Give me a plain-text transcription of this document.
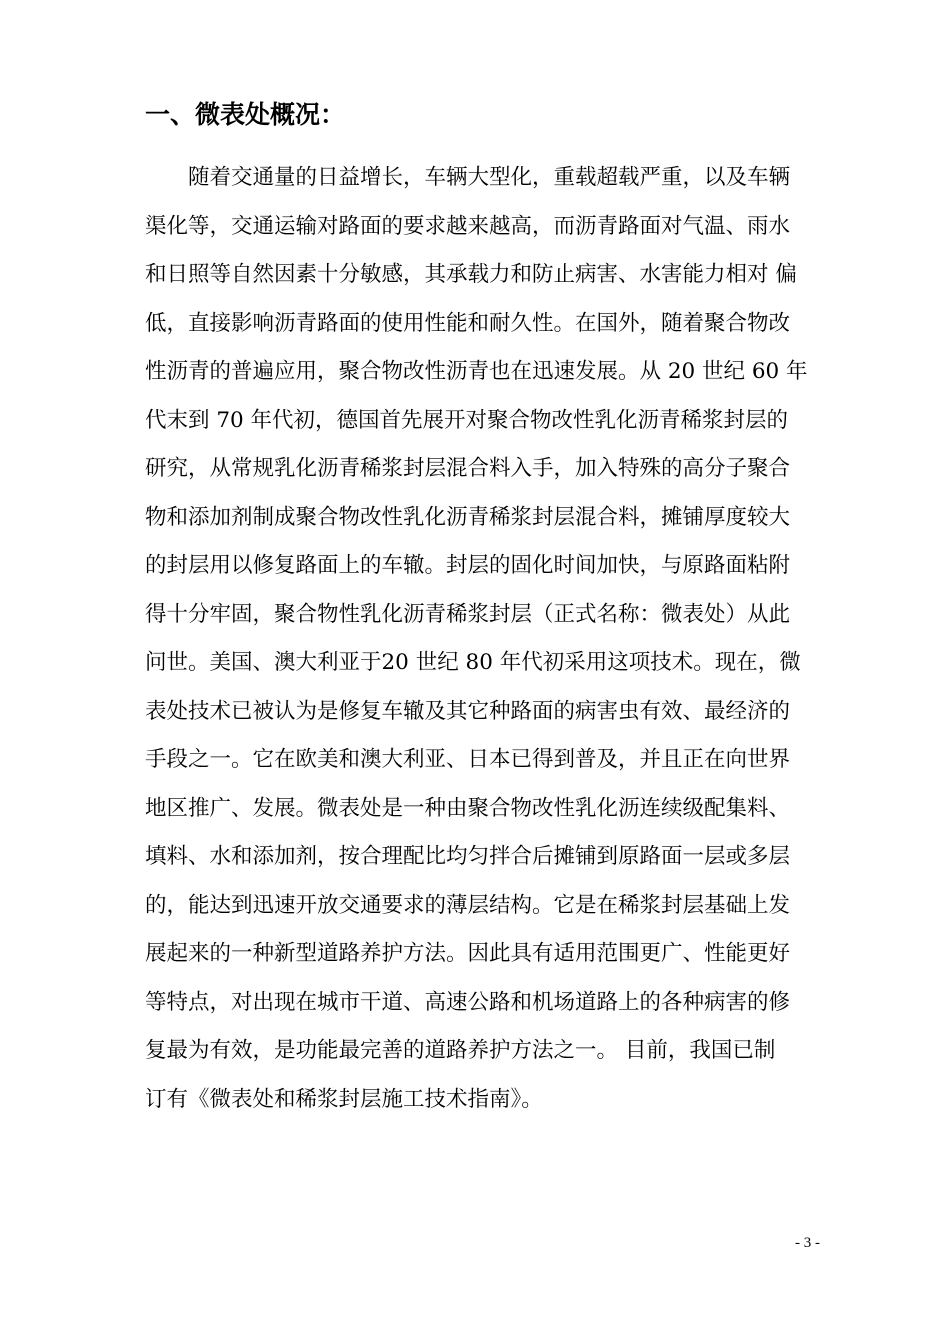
一、微表处概况：
随着交通量的日益增长，车辆大型化，重载超载严重，以及车辆
渠化等，交通运输对路面的要求越来越高，而沥青路面对气温、雨水
和日照等自然因素十分敏感，其承载力和防止病害、水害能力相对 偏
低，直接影响沥青路面的使用性能和耐久性。在国外，随着聚合物改
性沥青的普遍应用，聚合物改性沥青也在迅速发展。从 20 世纪 60 年
代末到 70 年代初，德国首先展开对聚合物改性乳化沥青稀浆封层的
研究，从常规乳化沥青稀浆封层混合料入手，加入特殊的高分子聚合
物和添加剂制成聚合物改性乳化沥青稀浆封层混合料，摊铺厚度较大
的封层用以修复路面上的车辙。封层的固化时间加快，与原路面粘附
得十分牢固，聚合物性乳化沥青稀浆封层（正式名称：微表处）从此
问世。美国、澳大利亚于20 世纪 80 年代初采用这项技术。现在，微
表处技术已被认为是修复车辙及其它种路面的病害虫有效、最经济的
手段之一。它在欧美和澳大利亚、日本已得到普及，并且正在向世界
地区推广、发展。微表处是一种由聚合物改性乳化沥连续级配集料、
填料、水和添加剂，按合理配比均匀拌合后摊铺到原路面一层或多层
的，能达到迅速开放交通要求的薄层结构。它是在稀浆封层基础上发
展起来的一种新型道路养护方法。因此具有适用范围更广、性能更好
等特点，对出现在城市干道、高速公路和机场道路上的各种病害的修
复最为有效，是功能最完善的道路养护方法之一。 目前，我国已制
订有《微表处和稀浆封层施工技术指南》。
- 3 -
